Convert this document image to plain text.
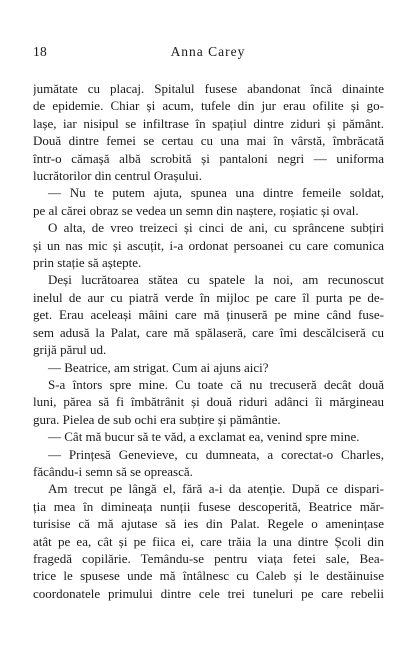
18	Anna Carey
jumătate cu placaj. Spitalul fusese abandonat încă dinainte
de epidemie. Chiar și acum, tufele din jur erau ofilite și go-
lașe, iar nisipul se infiltrase în spațiul dintre ziduri și pământ.
Două dintre femei se certau cu una mai în vârstă, îmbrăcată
într-o cămașă albă scrobită și pantaloni negri — uniforma
lucrătorilor din centrul Orașului.
— Nu te putem ajuta, spunea una dintre femeile soldat,
pe al cărei obraz se vedea un semn din naștere, roșiatic și oval.
O alta, de vreo treizeci și cinci de ani, cu sprâncene subțiri
și un nas mic și ascuțit, i-a ordonat persoanei cu care comunica
prin stație să aștepte.
Deși lucrătoarea stătea cu spatele la noi, am recunoscut
inelul de aur cu piatră verde în mijloc pe care îl purta pe de-
get. Erau aceleași mâini care mă ținuseră pe mine când fuse-
sem adusă la Palat, care mă spălaseră, care îmi descălciseră cu
grijă părul ud.
— Beatrice, am strigat. Cum ai ajuns aici?
S-a întors spre mine. Cu toate că nu trecuseră decât două
luni, părea să fi îmbătrânit și două riduri adânci îi mărgineau
gura. Pielea de sub ochi era subțire și pământie.
— Cât mă bucur să te văd, a exclamat ea, venind spre mine.
— Prințesă Genevieve, cu dumneata, a corectat-o Charles,
făcându-i semn să se oprească.
Am trecut pe lângă el, fără a-i da atenție. După ce dispari-
ția mea în dimineața nunții fusese descoperită, Beatrice măr-
turisise că mă ajutase să ies din Palat. Regele o amenințase
atât pe ea, cât și pe fiica ei, care trăia la una dintre Școli din
fragedă copilărie. Temându-se pentru viața fetei sale, Bea-
trice le spusese unde mă întâlnesc cu Caleb și le destăinuise
coordonatele primului dintre cele trei tuneluri pe care rebelii
